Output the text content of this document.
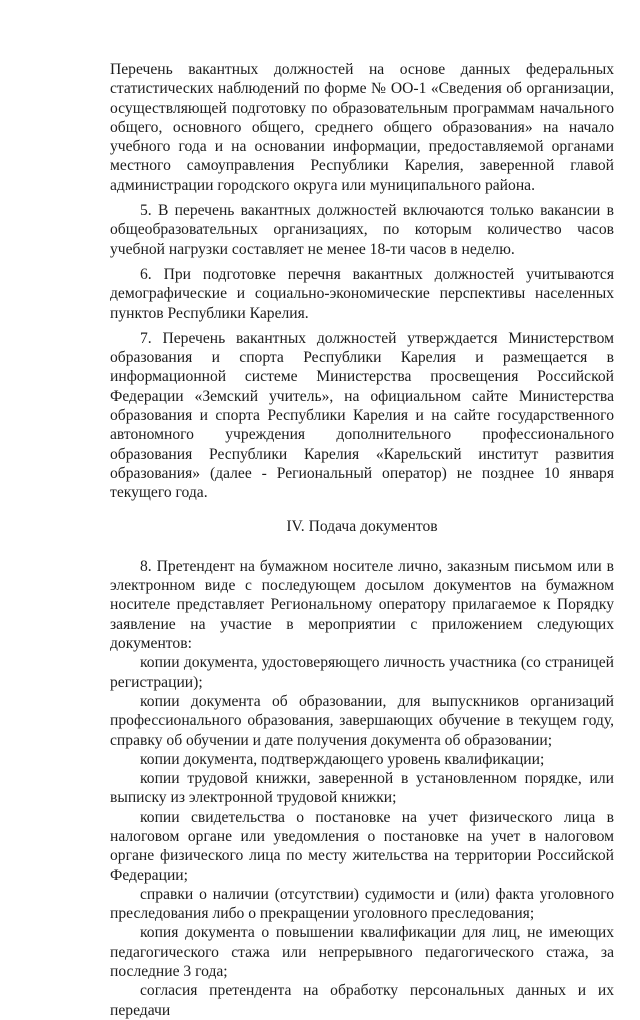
Перечень вакантных должностей на основе данных федеральных статистических наблюдений по форме № ОО-1 «Сведения об организации, осуществляющей подготовку по образовательным программам начального общего, основного общего, среднего общего образования» на начало учебного года и на основании информации, предоставляемой органами местного самоуправления Республики Карелия, заверенной главой администрации городского округа или муниципального района.

5. В перечень вакантных должностей включаются только вакансии в общеобразовательных организациях, по которым количество часов учебной нагрузки составляет не менее 18-ти часов в неделю.

6. При подготовке перечня вакантных должностей учитываются демографические и социально-экономические перспективы населенных пунктов Республики Карелия.

7. Перечень вакантных должностей утверждается Министерством образования и спорта Республики Карелия и размещается в информационной системе Министерства просвещения Российской Федерации «Земский учитель», на официальном сайте Министерства образования и спорта Республики Карелия и на сайте государственного автономного учреждения дополнительного профессионального образования Республики Карелия «Карельский институт развития образования» (далее - Региональный оператор) не позднее 10 января текущего года.

IV. Подача документов

8. Претендент на бумажном носителе лично, заказным письмом или в электронном виде с последующем досылом документов на бумажном носителе представляет Региональному оператору прилагаемое к Порядку заявление на участие в мероприятии с приложением следующих документов:

копии документа, удостоверяющего личность участника (со страницей регистрации);

копии документа об образовании, для выпускников организаций профессионального образования, завершающих обучение в текущем году, справку об обучении и дате получения документа об образовании;

копии документа, подтверждающего уровень квалификации;

копии трудовой книжки, заверенной в установленном порядке, или выписку из электронной трудовой книжки;

копии свидетельства о постановке на учет физического лица в налоговом органе или уведомления о постановке на учет в налоговом органе физического лица по месту жительства на территории Российской Федерации;

справки о наличии (отсутствии) судимости и (или) факта уголовного преследования либо о прекращении уголовного преследования;

копия документа о повышении квалификации для лиц, не имеющих педагогического стажа или непрерывного педагогического стажа, за последние 3 года;

согласия претендента на обработку персональных данных и их передачи
